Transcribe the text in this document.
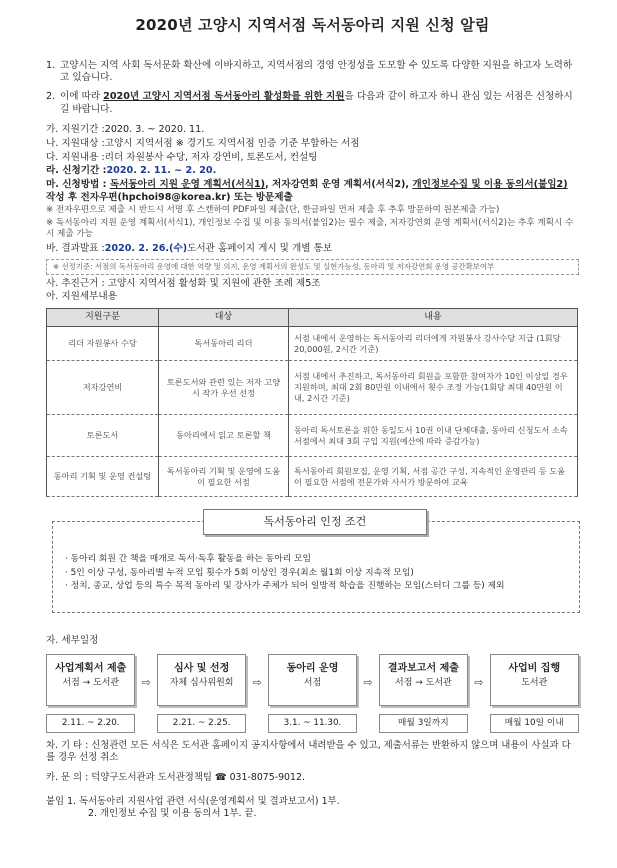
2020년 고양시 지역서점 독서동아리 지원 신청 알림
1. 고양시는 지역 사회 독서문화 확산에 이바지하고, 지역서점의 경영 안정성을 도모할 수 있도록 다양한 지원을 하고자 노력하고 있습니다.
2. 이에 따라 2020년 고양시 지역서점 독서동아리 활성화를 위한 지원을 다음과 같이 하고자 하니 관심 있는 서점은 신청하시길 바랍니다.
가. 지원기간 : 2020. 3. ~ 2020. 11.
나. 지원대상 : 고양시 지역서점 ※ 경기도 지역서점 인증 기준 부합하는 서점
다. 지원내용 : 리더 자원봉사 수당, 저자 강연비, 토론도서, 컨설팅
라. 신청기간 : 2020. 2. 11. ~ 2. 20.
마. 신청방법 : 독서동아리 지원 운영 계획서(서식1), 저자강연회 운영 계획서(서식2), 개인정보수집 및 이용 동의서(붙임2) 작성 후 전자우편(hpchoi98@korea.kr) 또는 방문제출
※ 전자우편으로 제출 시 반드시 서명 후 스캔하여 PDF파일 제출(단, 한글파일 먼저 제출 후 추후 방문하여 원본제출 가능)
※ 독서동아리 지원 운영 계획서(서식1), 개인정보 수집 및 이용 동의서(붙임2)는 필수 제출, 저자강연회 운영 계획서(서식2)는 추후 계획시 수시 제출 가능
바. 결과발표 : 2020. 2. 26.(수) 도서관 홈페이지 게시 및 개별 통보
※ 선정기준: 서점의 독서동아리 운영에 대한 역량 및 의지, 운영 계획서의 완성도 및 실현가능성, 동아리 및 저자강연회 운영 공간확보여부
사. 추진근거 : 고양시 지역서점 활성화 및 지원에 관한 조례 제5조
아. 지원세부내용
지원구분	대상	내용
리더 자원봉사 수당	독서동아리 리더	서점 내에서 운영하는 독서동아리 리더에게 자원봉사 강사수당 지급 (1회당 20,000원, 2시간 기준)
저자강연비	토론도서와 관련 있는 저자 고양시 작가 우선 선정	서점 내에서 추진하고, 독서동아리 회원을 포함한 참여자가 10인 이상일 경우 지원하며, 최대 2회 80만원 이내에서 횟수 조정 가능(1회당 최대 40만원 이내, 2시간 기준)
토론도서	동아리에서 읽고 토론할 책	동아리 독서토론을 위한 동일도서 10권 이내 단체대출, 동아리 신청도서 소속 서점에서 최대 3회 구입 지원(예산에 따라 증감가능)
동아리 기획 및 운영 컨설팅	독서동아리 기획 및 운영에 도움이 필요한 서점	독서동아리 회원모집, 운영 기획, 서점 공간 구성, 지속적인 운영관리 등 도움이 필요한 서점에 전문가와 사서가 방문하여 교육
독서동아리 인정 조건
· 동아리 회원 간 책을 매개로 독서·독후 활동을 하는 동아리 모임
· 5인 이상 구성, 동아리별 누적 모임 횟수가 5회 이상인 경우(최소 월1회 이상 지속적 모임)
· 정치, 종교, 상업 등의 특수 목적 동아리 및 강사가 주체가 되어 일방적 학습을 진행하는 모임(스터디 그룹 등) 제외
자. 세부일정
사업계획서 제출
서점 → 도서관
2.11. ~ 2.20.
⇨
심사 및 선정
자체 심사위원회
2.21. ~ 2.25.
⇨
동아리 운영
서점
3.1. ~ 11.30.
⇨
결과보고서 제출
서점 → 도서관
매월 3일까지
⇨
사업비 집행
도서관
매월 10일 이내
차. 기 타 : 신청관련 모든 서식은 도서관 홈페이지 공지사항에서 내려받을 수 있고, 제출서류는 반환하지 않으며 내용이 사실과 다를 경우 선정 취소
카. 문 의 : 덕양구도서관과 도서관정책팀 ☎ 031-8075-9012.
붙임 1. 독서동아리 지원사업 관련 서식(운영계획서 및 결과보고서) 1부.
2. 개인정보 수집 및 이용 동의서 1부. 끝.
